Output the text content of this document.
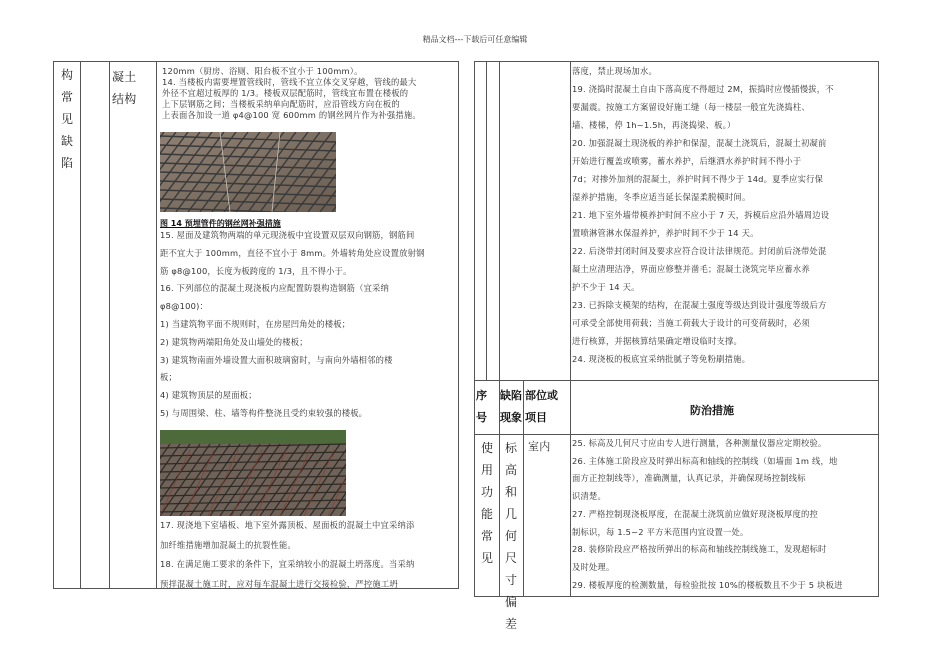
精品文档---下载后可任意编辑
构
常
见
缺
陷
凝土结构
120mm（厨房、浴厕、阳台板不宜小于 100mm）。
14. 当楼板内需要埋置管线时，管线不宜立体交叉穿越，管线的最大
外径不宜超过板厚的 1/3。楼板双层配筋时，管线宜布置在楼板的
上下层钢筋之间；当楼板采纳单向配筋时，应沿管线方向在板的
上表面各加设一道 φ4@100 宽 600mm 的钢丝网片作为补强措施。
图 14 预埋管件的钢丝网补强措施
15. 屋面及建筑物两端的单元现浇板中宜设置双层双向钢筋，钢筋间
距不宜大于 100mm，直径不宜小于 8mm。外墙转角处应设置放射钢
筋 φ8@100，长度为板跨度的 1/3，且不得小于。
16. 下列部位的混凝土现浇板内应配置防裂构造钢筋（宜采纳
φ8@100)：
1) 当建筑物平面不规则时，在房屋凹角处的楼板；
2) 建筑物两端阳角处及山墙处的楼板；
3) 建筑物南面外墙设置大面积玻璃窗时，与南向外墙相邻的楼
板；
4) 建筑物顶层的屋面板；
5) 与周围梁、柱、墙等构件整浇且受约束较强的楼板。
17. 现浇地下室墙板、地下室外露顶板、屋面板的混凝土中宜采纳添
加纤维措施增加混凝土的抗裂性能。
18. 在满足施工要求的条件下，宜采纳较小的混凝土坍落度。当采纳
预拌混凝土施工时，应对每车混凝土进行交接检验，严控施工坍
落度，禁止现场加水。
19. 浇捣时混凝土自由下落高度不得超过 2M，振捣时应慢插慢拔，不
要漏震。按施工方案留设好施工缝（每一楼层一般宜先浇捣柱、
墙、楼梯，停 1h~1.5h，再浇捣梁、板。）
20. 加强混凝土现浇板的养护和保湿，混凝土浇筑后，混凝土初凝前
开始进行覆盖或喷雾，蓄水养护，后继洒水养护时间不得小于
7d；对掺外加剂的混凝土，养护时间不得少于 14d。夏季应实行保
湿养护措施，冬季应适当延长保湿柔脱模时间。
21. 地下室外墙带模养护时间不应小于 7 天，拆模后应沿外墙周边设
置喷淋管淋水保湿养护，养护时间不少于 14 天。
22. 后浇带封闭时间及要求应符合设计法律规范。封闭前后浇带处混
凝土应清理洁净，界面应修整并凿毛；混凝土浇筑完毕应蓄水养
护不少于 14 天。
23. 已拆除支模架的结构，在混凝土强度等级达到设计强度等级后方
可承受全部使用荷载；当施工荷载大于设计的可变荷载时，必须
进行核算，并据核算结果确定增设临时支撑。
24. 现浇板的板底宜采纳批腻子等免粉刷措施。
序
号
缺陷
现象
部位或
项目
防治措施
使
用
功
能
常
见
标
高
和
几
何
尺
寸
偏
差
室内	25. 标高及几何尺寸应由专人进行测量，各种测量仪器应定期校验。
26. 主体施工阶段应及时弹出标高和轴线的控制线（如墙面 1m 线，地
面方正控制线等），准确测量，认真记录，并确保现场控制线标
识清楚。
27. 严格控制现浇板厚度，在混凝土浇筑前应做好现浇板厚度的控
制标识，每 1.5~2 平方米范围内宜设置一处。
28. 装修阶段应严格按所弹出的标高和轴线控制线施工，发现超标时
及时处理。
29. 楼板厚度的检测数量，每检验批按 10%的楼板数且不少于 5 块板进
